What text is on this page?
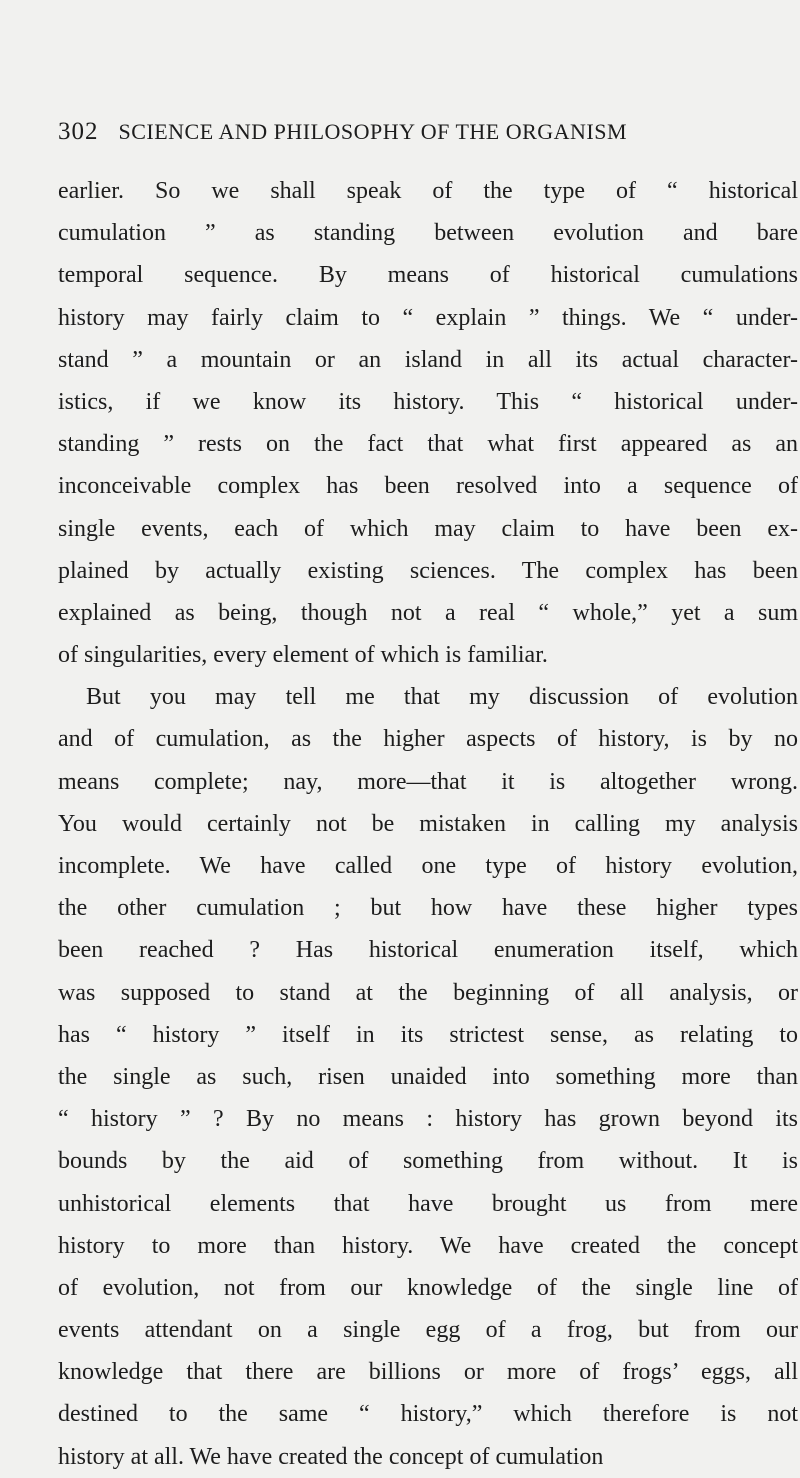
302 SCIENCE AND PHILOSOPHY OF THE ORGANISM
earlier. So we shall speak of the type of “ historical
cumulation ” as standing between evolution and bare
temporal sequence. By means of historical cumulations
history may fairly claim to “ explain ” things. We “ under-
stand ” a mountain or an island in all its actual character-
istics, if we know its history. This “ historical under-
standing ” rests on the fact that what first appeared as an
inconceivable complex has been resolved into a sequence of
single events, each of which may claim to have been ex-
plained by actually existing sciences. The complex has been
explained as being, though not a real “ whole,” yet a sum
of singularities, every element of which is familiar.
But you may tell me that my discussion of evolution
and of cumulation, as the higher aspects of history, is by no
means complete; nay, more—that it is altogether wrong.
You would certainly not be mistaken in calling my analysis
incomplete. We have called one type of history evolution,
the other cumulation ; but how have these higher types
been reached ? Has historical enumeration itself, which
was supposed to stand at the beginning of all analysis, or
has “ history ” itself in its strictest sense, as relating to
the single as such, risen unaided into something more than
“ history ” ? By no means : history has grown beyond its
bounds by the aid of something from without. It is
unhistorical elements that have brought us from mere
history to more than history. We have created the concept
of evolution, not from our knowledge of the single line of
events attendant on a single egg of a frog, but from our
knowledge that there are billions or more of frogs’ eggs, all
destined to the same “ history,” which therefore is not
history at all. We have created the concept of cumulation
